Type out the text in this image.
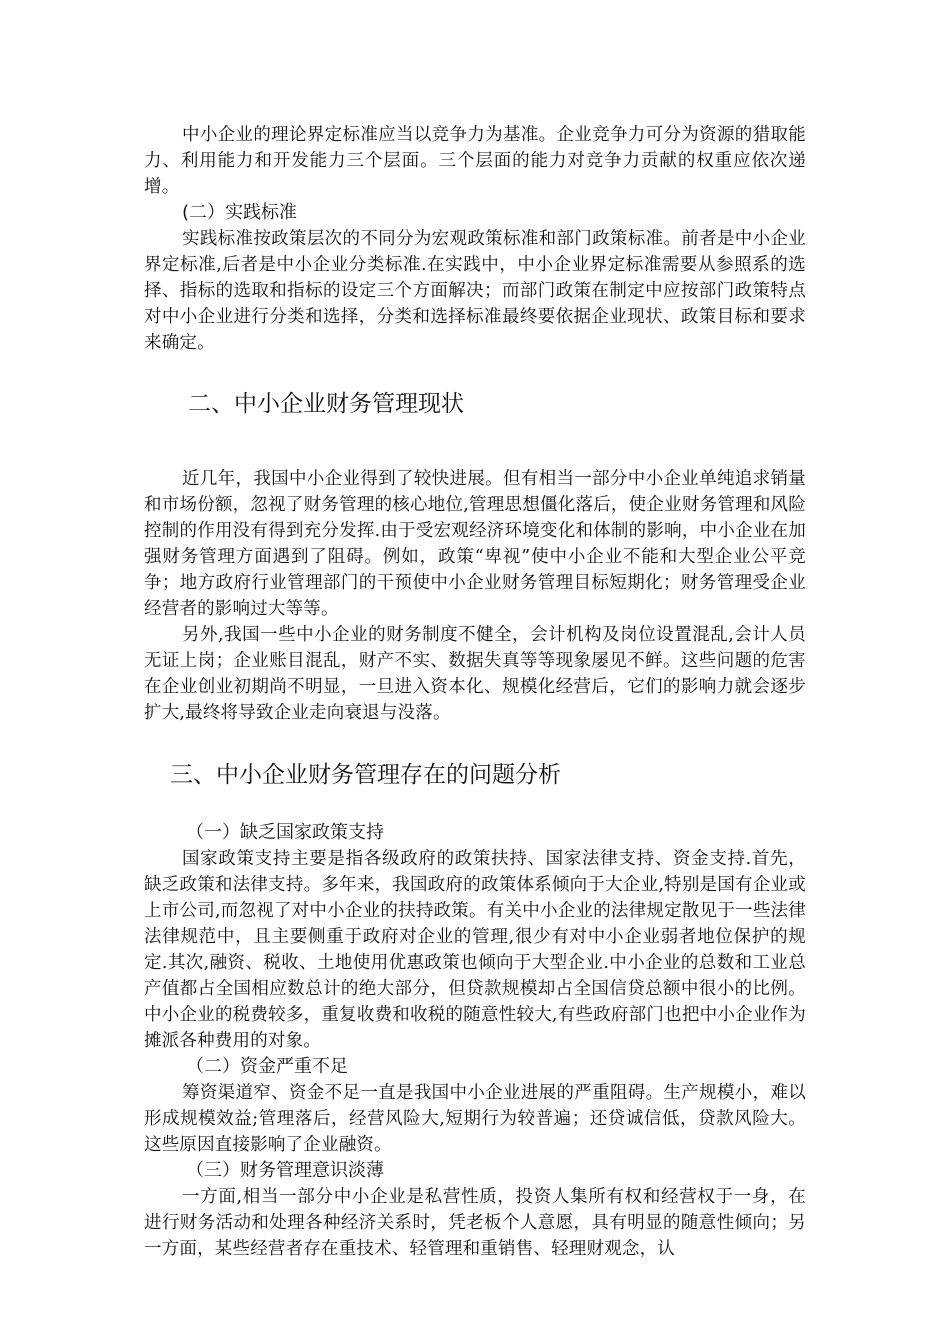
中小企业的理论界定标准应当以竞争力为基准。企业竞争力可分为资源的猎取能力、利用能力和开发能力三个层面。三个层面的能力对竞争力贡献的权重应依次递增。

(二）实践标准

实践标准按政策层次的不同分为宏观政策标准和部门政策标准。前者是中小企业界定标准,后者是中小企业分类标准.在实践中，中小企业界定标准需要从参照系的选择、指标的选取和指标的设定三个方面解决；而部门政策在制定中应按部门政策特点对中小企业进行分类和选择，分类和选择标准最终要依据企业现状、政策目标和要求来确定。

二、中小企业财务管理现状

近几年，我国中小企业得到了较快进展。但有相当一部分中小企业单纯追求销量和市场份额，忽视了财务管理的核心地位,管理思想僵化落后，使企业财务管理和风险控制的作用没有得到充分发挥.由于受宏观经济环境变化和体制的影响，中小企业在加强财务管理方面遇到了阻碍。例如，政策“卑视”使中小企业不能和大型企业公平竞争；地方政府行业管理部门的干预使中小企业财务管理目标短期化；财务管理受企业经营者的影响过大等等。

另外,我国一些中小企业的财务制度不健全，会计机构及岗位设置混乱,会计人员无证上岗；企业账目混乱，财产不实、数据失真等等现象屡见不鲜。这些问题的危害在企业创业初期尚不明显，一旦进入资本化、规模化经营后，它们的影响力就会逐步扩大,最终将导致企业走向衰退与没落。

三、中小企业财务管理存在的问题分析

（一）缺乏国家政策支持

国家政策支持主要是指各级政府的政策扶持、国家法律支持、资金支持.首先，缺乏政策和法律支持。多年来，我国政府的政策体系倾向于大企业,特别是国有企业或上市公司,而忽视了对中小企业的扶持政策。有关中小企业的法律规定散见于一些法律法律规范中，且主要侧重于政府对企业的管理,很少有对中小企业弱者地位保护的规定.其次,融资、税收、土地使用优惠政策也倾向于大型企业.中小企业的总数和工业总产值都占全国相应数总计的绝大部分，但贷款规模却占全国信贷总额中很小的比例。中小企业的税费较多，重复收费和收税的随意性较大,有些政府部门也把中小企业作为摊派各种费用的对象。

（二）资金严重不足

筹资渠道窄、资金不足一直是我国中小企业进展的严重阻碍。生产规模小，难以形成规模效益;管理落后，经营风险大,短期行为较普遍；还贷诚信低，贷款风险大。这些原因直接影响了企业融资。

（三）财务管理意识淡薄

一方面,相当一部分中小企业是私营性质，投资人集所有权和经营权于一身，在进行财务活动和处理各种经济关系时，凭老板个人意愿，具有明显的随意性倾向；另一方面，某些经营者存在重技术、轻管理和重销售、轻理财观念，认
